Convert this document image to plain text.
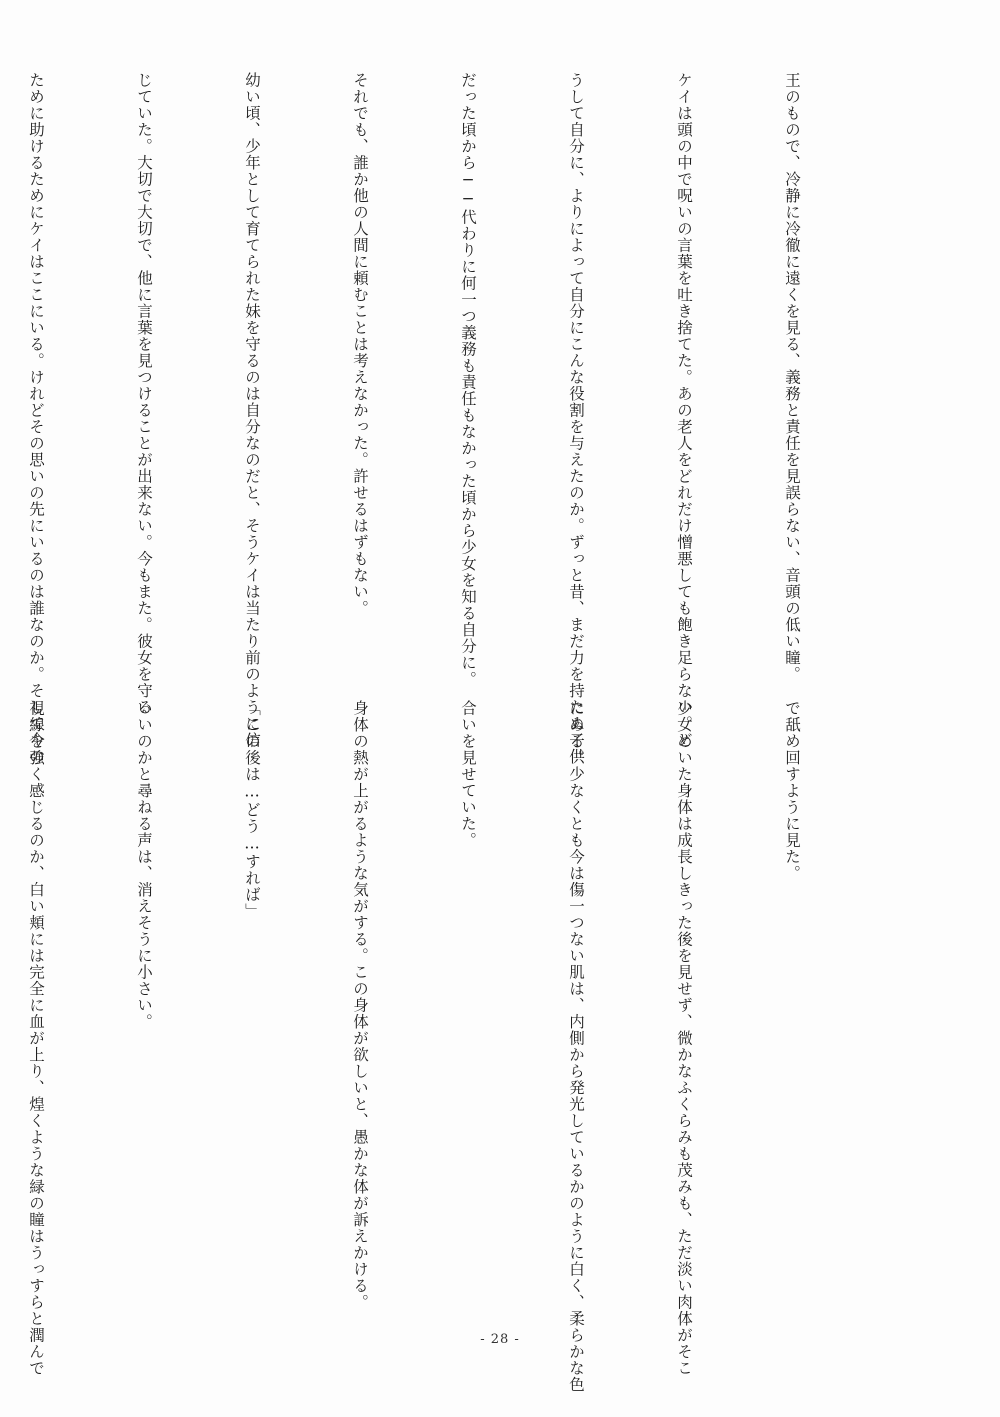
王のもので、冷静に冷徹に遠くを見る、義務と責任を見誤らない、音頭の低い瞳。

ケイは頭の中で呪いの言葉を吐き捨てた。あの老人をどれだけ憎悪しても飽き足らない。ど

うして自分に、よりによって自分にこんな役割を与えたのか。ずっと昔、まだ力を持たぬ子供

だった頃から──代わりに何一つ義務も責任もなかった頃から少女を知る自分に。

それでも、誰か他の人間に頼むことは考えなかった。許せるはずもない。

幼い頃、少年として育てられた妹を守るのは自分なのだと、そうケイは当たり前のように信

じていた。大切で大切で、他に言葉を見つけることが出来ない。今もまた。彼女を守る

ために助けるためにケイはここにいる。けれどその思いの先にいるのは誰なのか。そして今の

で舐め回すように見た。

少女めいた身体は成長しきった後を見せず、微かなふくらみも茂みも、ただ淡い肉体がそこ

にある。少なくとも今は傷一つない肌は、内側から発光しているかのように白く、柔らかな色

合いを見せていた。

身体の熱が上がるような気がする。この身体が欲しいと、愚かな体が訴えかける。

「この後は…どう…すれば」

いいのかと尋ねる声は、消えそうに小さい。

視線を強く感じるのか、白い頬には完全に血が上り、煌くような緑の瞳はうっすらと潤んで

	- 28 -
